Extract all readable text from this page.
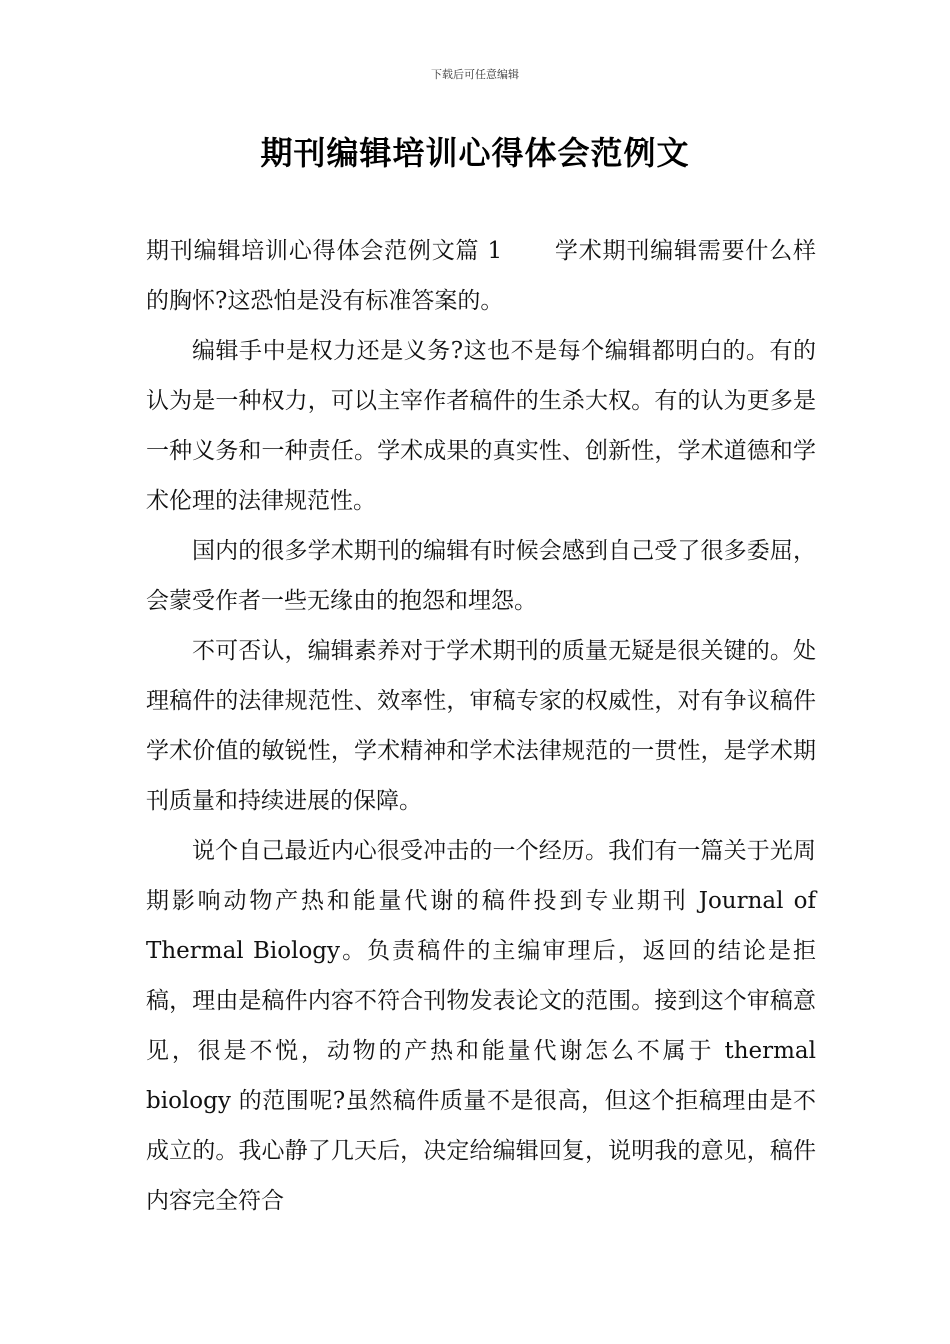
下载后可任意编辑
期刊编辑培训心得体会范例文

期刊编辑培训心得体会范例文篇 1 学术期刊编辑需要什么样的胸怀?这恐怕是没有标准答案的。

编辑手中是权力还是义务?这也不是每个编辑都明白的。有的认为是一种权力，可以主宰作者稿件的生杀大权。有的认为更多是一种义务和一种责任。学术成果的真实性、创新性，学术道德和学术伦理的法律规范性。

国内的很多学术期刊的编辑有时候会感到自己受了很多委屈，会蒙受作者一些无缘由的抱怨和埋怨。

不可否认，编辑素养对于学术期刊的质量无疑是很关键的。处理稿件的法律规范性、效率性，审稿专家的权威性，对有争议稿件学术价值的敏锐性，学术精神和学术法律规范的一贯性，是学术期刊质量和持续进展的保障。

说个自己最近内心很受冲击的一个经历。我们有一篇关于光周期影响动物产热和能量代谢的稿件投到专业期刊 Journal of Thermal Biology。负责稿件的主编审理后，返回的结论是拒稿，理由是稿件内容不符合刊物发表论文的范围。接到这个审稿意见，很是不悦，动物的产热和能量代谢怎么不属于 thermal biology 的范围呢?虽然稿件质量不是很高，但这个拒稿理由是不成立的。我心静了几天后，决定给编辑回复，说明我的意见，稿件内容完全符合
